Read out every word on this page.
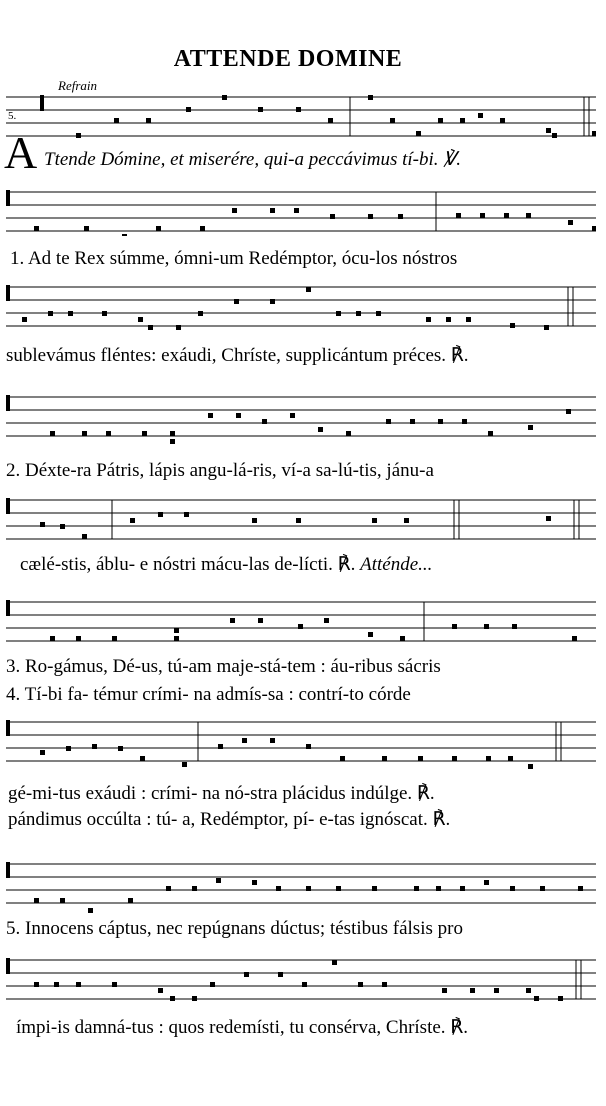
ATTENDE DOMINE
Refrain
5.
A Ttende Dómine, et miserére, qui-a peccávimus tí-bi. ℣.
1. Ad te Rex súmme, ómni-um Redémptor, ócu-los nóstros
sublevámus fléntes: exáudi, Chríste, supplicántum préces. ℟.
2. Déxte-ra Pátris, lápis angu-lá-ris, ví-a sa-lú-tis, jánu-a
cælé-stis, áblu- e nóstri mácu-las de-lícti. ℟. Atténde...
3. Ro-gámus, Dé-us, tú-am maje-stá-tem : áu-ribus sácris
4. Tí-bi fa- témur crími- na admís-sa : contrí-to córde
gé-mi-tus exáudi : crími- na nó-stra plácidus indúlge. ℟.
pándimus occúlta : tú- a, Redémptor, pí- e-tas ignóscat. ℟.
5. Innocens cáptus, nec repúgnans dúctus; téstibus fálsis pro
ímpi-is damná-tus : quos redemísti, tu consérva, Chríste. ℟.
